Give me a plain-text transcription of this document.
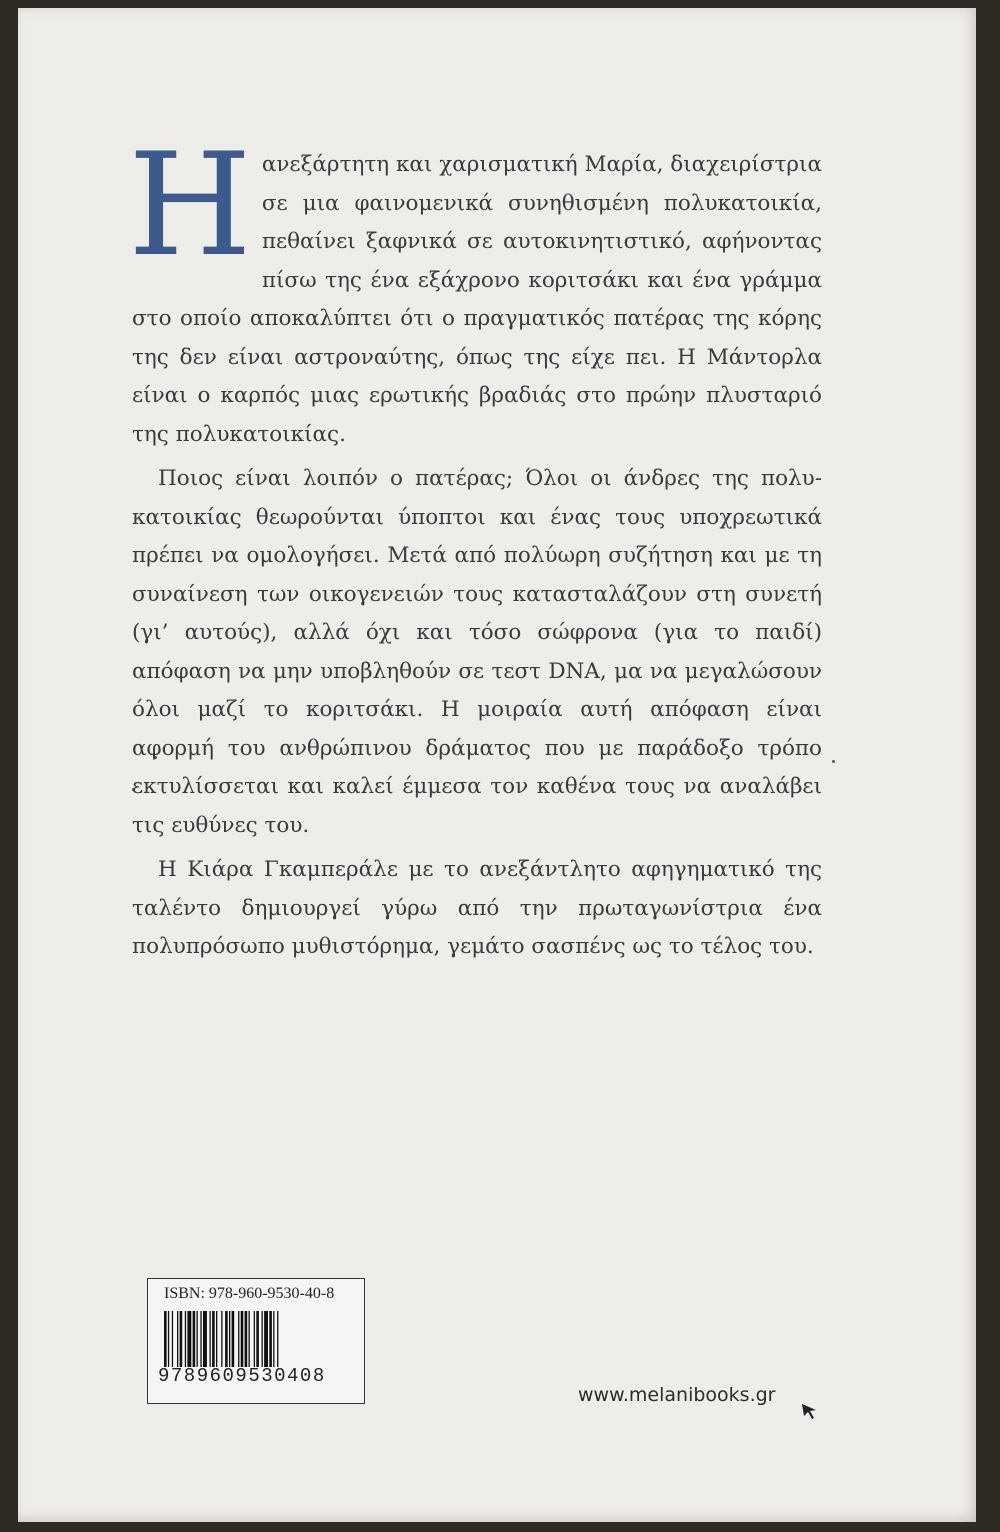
Ηανεξάρτητη και χαρισματική Μαρία, διαχειρίστρια σε μια φαινομενικά συνηθισμένη πολυκατοικία, πεθαίνει ξαφνικά σε αυτοκινητιστικό, αφήνοντας πίσω της ένα εξάχρονο κοριτσάκι και ένα γράμμα στο οποίο αποκαλύπτει ότι ο πραγματικός πατέρας της κόρης της δεν είναι αστροναύτης, όπως της είχε πει. Η Μάντορλα είναι ο καρπός μιας ερωτικής βραδιάς στο πρώην πλυσταριό της πολυκατοικίας.

Ποιος είναι λοιπόν ο πατέρας; Όλοι οι άνδρες της πολυκατοικίας θεωρούνται ύποπτοι και ένας τους υποχρεωτικά πρέπει να ομολογήσει. Μετά από πολύωρη συζήτηση και με τη συναίνεση των οικογενειών τους κατασταλάζουν στη συνετή (γι’ αυτούς), αλλά όχι και τόσο σώφρονα (για το παιδί) απόφαση να μην υποβληθούν σε τεστ DNA, μα να μεγαλώσουν όλοι μαζί το κοριτσάκι. Η μοιραία αυτή απόφαση είναι αφορμή του ανθρώπινου δράματος που με παράδοξο τρόπο εκτυλίσσεται και καλεί έμμεσα τον καθένα τους να αναλάβει τις ευθύνες του.

Η Κιάρα Γκαμπεράλε με το ανεξάντλητο αφηγηματικό της ταλέντο δημιουργεί γύρω από την πρωταγωνίστρια ένα πολυπρόσωπο μυθιστόρημα, γεμάτο σασπένς ως το τέλος του.

ISBN: 978-960-9530-40-8
9789609530408
www.melanibooks.gr
